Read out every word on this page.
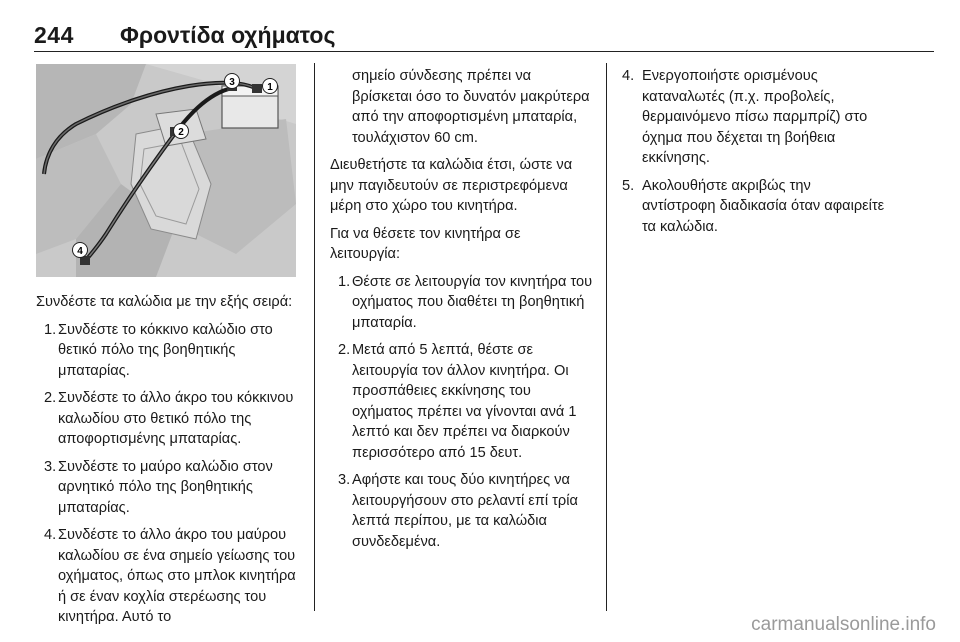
244 Φροντίδα οχήματος
1
3
2
4

Συνδέστε τα καλώδια με την εξής σειρά:

1. Συνδέστε το κόκκινο καλώδιο στο θετικό πόλο της βοηθητικής μπαταρίας.
2. Συνδέστε το άλλο άκρο του κόκκινου καλωδίου στο θετικό πόλο της αποφορτισμένης μπαταρίας.
3. Συνδέστε το μαύρο καλώδιο στον αρνητικό πόλο της βοηθητικής μπαταρίας.
4. Συνδέστε το άλλο άκρο του μαύρου καλωδίου σε ένα σημείο γείωσης του οχήματος, όπως στο μπλοκ κινητήρα ή σε έναν κοχλία στερέωσης του κινητήρα. Αυτό το

σημείο σύνδεσης πρέπει να βρίσκεται όσο το δυνατόν μακρύτερα από την αποφορτισμένη μπαταρία, τουλάχιστον 60 cm.

Διευθετήστε τα καλώδια έτσι, ώστε να μην παγιδευτούν σε περιστρεφόμενα μέρη στο χώρο του κινητήρα.

Για να θέσετε τον κινητήρα σε λειτουργία:

1. Θέστε σε λειτουργία τον κινητήρα του οχήματος που διαθέτει τη βοηθητική μπαταρία.
2. Μετά από 5 λεπτά, θέστε σε λειτουργία τον άλλον κινητήρα. Οι προσπάθειες εκκίνησης του οχήματος πρέπει να γίνονται ανά 1 λεπτό και δεν πρέπει να διαρκούν περισσότερο από 15 δευτ.
3. Αφήστε και τους δύο κινητήρες να λειτουργήσουν στο ρελαντί επί τρία λεπτά περίπου, με τα καλώδια συνδεδεμένα.
4. Ενεργοποιήστε ορισμένους καταναλωτές (π.χ. προβολείς, θερμαινόμενο πίσω παρμπρίζ) στο όχημα που δέχεται τη βοήθεια εκκίνησης.
5. Ακολουθήστε ακριβώς την αντίστροφη διαδικασία όταν αφαιρείτε τα καλώδια.
carmanualsonline.info
